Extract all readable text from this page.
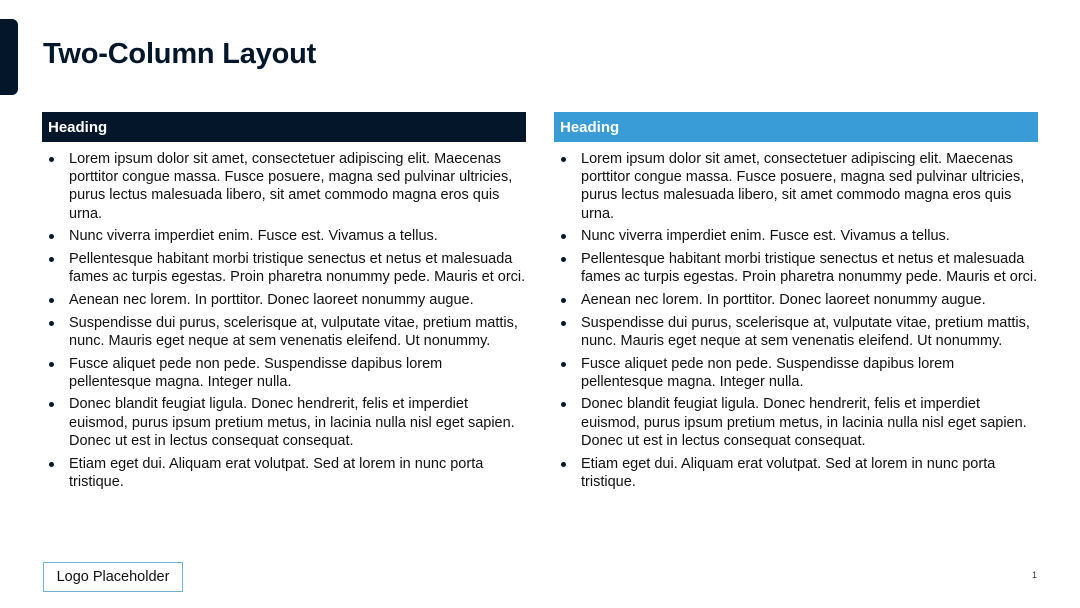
Two-Column Layout
Heading
Lorem ipsum dolor sit amet, consectetuer adipiscing elit. Maecenas porttitor congue massa. Fusce posuere, magna sed pulvinar ultricies, purus lectus malesuada libero, sit amet commodo magna eros quis urna.
Nunc viverra imperdiet enim. Fusce est. Vivamus a tellus.
Pellentesque habitant morbi tristique senectus et netus et malesuada fames ac turpis egestas. Proin pharetra nonummy pede. Mauris et orci.
Aenean nec lorem. In porttitor. Donec laoreet nonummy augue.
Suspendisse dui purus, scelerisque at, vulputate vitae, pretium mattis, nunc. Mauris eget neque at sem venenatis eleifend. Ut nonummy.
Fusce aliquet pede non pede. Suspendisse dapibus lorem pellentesque magna. Integer nulla.
Donec blandit feugiat ligula. Donec hendrerit, felis et imperdiet euismod, purus ipsum pretium metus, in lacinia nulla nisl eget sapien. Donec ut est in lectus consequat consequat.
Etiam eget dui. Aliquam erat volutpat. Sed at lorem in nunc porta tristique.
Heading
Lorem ipsum dolor sit amet, consectetuer adipiscing elit. Maecenas porttitor congue massa. Fusce posuere, magna sed pulvinar ultricies, purus lectus malesuada libero, sit amet commodo magna eros quis urna.
Nunc viverra imperdiet enim. Fusce est. Vivamus a tellus.
Pellentesque habitant morbi tristique senectus et netus et malesuada fames ac turpis egestas. Proin pharetra nonummy pede. Mauris et orci.
Aenean nec lorem. In porttitor. Donec laoreet nonummy augue.
Suspendisse dui purus, scelerisque at, vulputate vitae, pretium mattis, nunc. Mauris eget neque at sem venenatis eleifend. Ut nonummy.
Fusce aliquet pede non pede. Suspendisse dapibus lorem pellentesque magna. Integer nulla.
Donec blandit feugiat ligula. Donec hendrerit, felis et imperdiet euismod, purus ipsum pretium metus, in lacinia nulla nisl eget sapien. Donec ut est in lectus consequat consequat.
Etiam eget dui. Aliquam erat volutpat. Sed at lorem in nunc porta tristique.
Logo Placeholder	1
